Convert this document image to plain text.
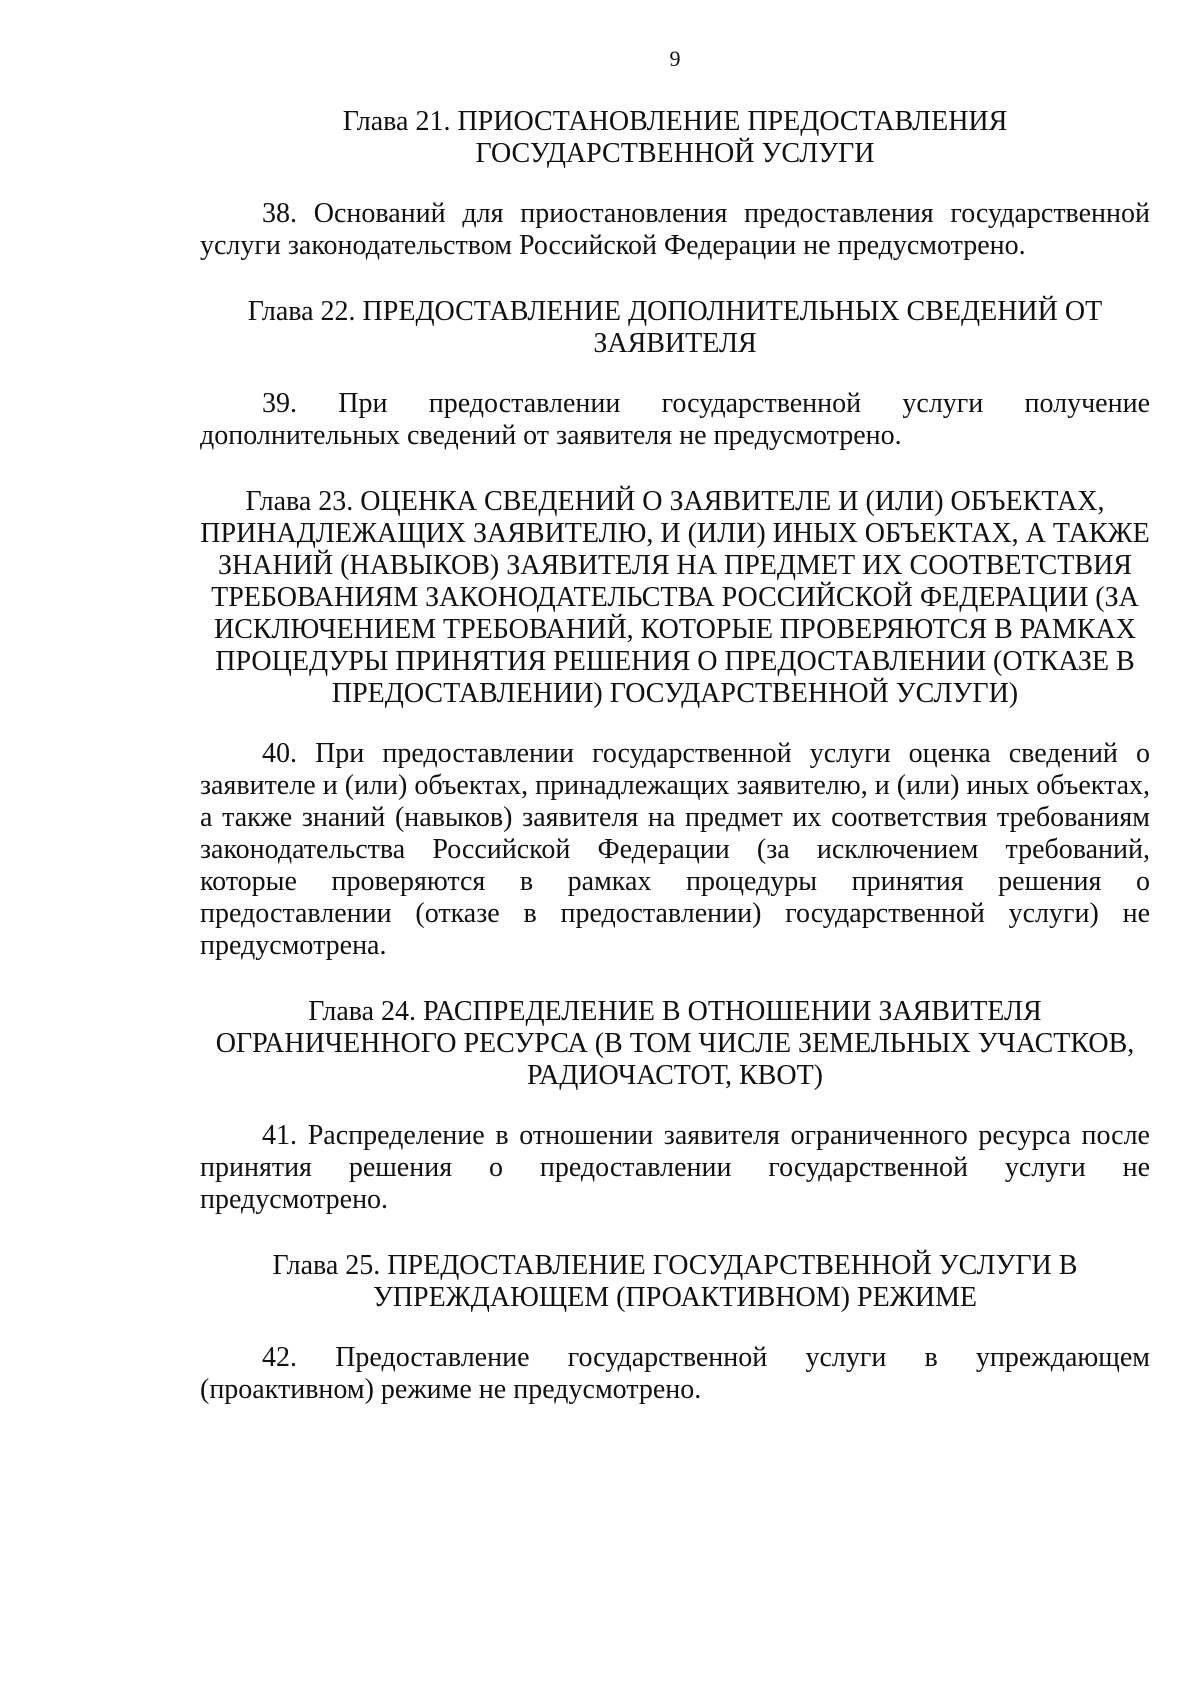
9
Глава 21. ПРИОСТАНОВЛЕНИЕ ПРЕДОСТАВЛЕНИЯ ГОСУДАРСТВЕННОЙ УСЛУГИ
38. Оснований для приостановления предоставления государственной услуги законодательством Российской Федерации не предусмотрено.
Глава 22. ПРЕДОСТАВЛЕНИЕ ДОПОЛНИТЕЛЬНЫХ СВЕДЕНИЙ ОТ ЗАЯВИТЕЛЯ
39. При предоставлении государственной услуги получение дополнительных сведений от заявителя не предусмотрено.
Глава 23. ОЦЕНКА СВЕДЕНИЙ О ЗАЯВИТЕЛЕ И (ИЛИ) ОБЪЕКТАХ, ПРИНАДЛЕЖАЩИХ ЗАЯВИТЕЛЮ, И (ИЛИ) ИНЫХ ОБЪЕКТАХ, А ТАКЖЕ ЗНАНИЙ (НАВЫКОВ) ЗАЯВИТЕЛЯ НА ПРЕДМЕТ ИХ СООТВЕТСТВИЯ ТРЕБОВАНИЯМ ЗАКОНОДАТЕЛЬСТВА РОССИЙСКОЙ ФЕДЕРАЦИИ (ЗА ИСКЛЮЧЕНИЕМ ТРЕБОВАНИЙ, КОТОРЫЕ ПРОВЕРЯЮТСЯ В РАМКАХ ПРОЦЕДУРЫ ПРИНЯТИЯ РЕШЕНИЯ О ПРЕДОСТАВЛЕНИИ (ОТКАЗЕ В ПРЕДОСТАВЛЕНИИ) ГОСУДАРСТВЕННОЙ УСЛУГИ)
40. При предоставлении государственной услуги оценка сведений о заявителе и (или) объектах, принадлежащих заявителю, и (или) иных объектах, а также знаний (навыков) заявителя на предмет их соответствия требованиям законодательства Российской Федерации (за исключением требований, которые проверяются в рамках процедуры принятия решения о предоставлении (отказе в предоставлении) государственной услуги) не предусмотрена.
Глава 24. РАСПРЕДЕЛЕНИЕ В ОТНОШЕНИИ ЗАЯВИТЕЛЯ ОГРАНИЧЕННОГО РЕСУРСА (В ТОМ ЧИСЛЕ ЗЕМЕЛЬНЫХ УЧАСТКОВ, РАДИОЧАСТОТ, КВОТ)
41. Распределение в отношении заявителя ограниченного ресурса после принятия решения о предоставлении государственной услуги не предусмотрено.
Глава 25. ПРЕДОСТАВЛЕНИЕ ГОСУДАРСТВЕННОЙ УСЛУГИ В УПРЕЖДАЮЩЕМ (ПРОАКТИВНОМ) РЕЖИМЕ
42. Предоставление государственной услуги в упреждающем (проактивном) режиме не предусмотрено.
